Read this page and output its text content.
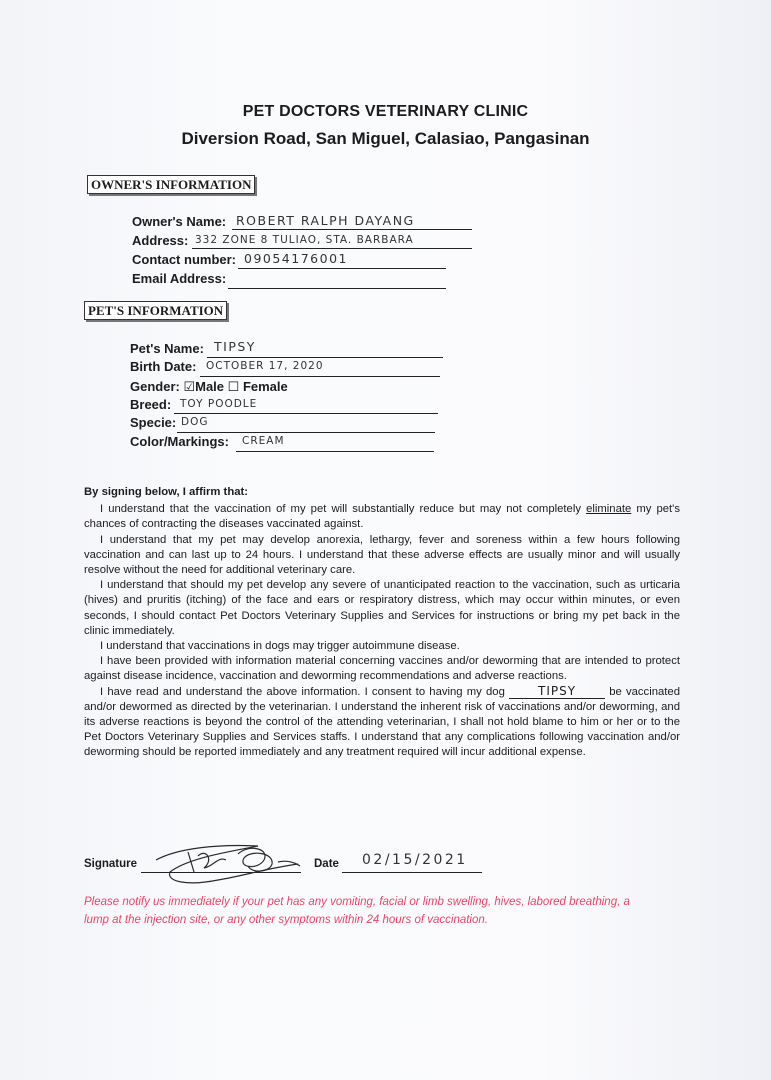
PET DOCTORS VETERINARY CLINIC
Diversion Road, San Miguel, Calasiao, Pangasinan
OWNER'S INFORMATION
Owner's Name: ROBERT RALPH DAYANG
Address: 332 ZONE 8 TULIAO, STA. BARBARA
Contact number: 09054176001
Email Address:
PET'S INFORMATION
Pet's Name: TIPSY
Birth Date: OCTOBER 17, 2020
Gender: ☑Male ☐ Female
Breed: TOY POODLE
Specie: DOG
Color/Markings: CREAM
By signing below, I affirm that:

I understand that the vaccination of my pet will substantially reduce but may not completely eliminate my pet's chances of contracting the diseases vaccinated against.

I understand that my pet may develop anorexia, lethargy, fever and soreness within a few hours following vaccination and can last up to 24 hours. I understand that these adverse effects are usually minor and will usually resolve without the need for additional veterinary care.

I understand that should my pet develop any severe of unanticipated reaction to the vaccination, such as urticaria (hives) and pruritis (itching) of the face and ears or respiratory distress, which may occur within minutes, or even seconds, I should contact Pet Doctors Veterinary Supplies and Services for instructions or bring my pet back in the clinic immediately.

I understand that vaccinations in dogs may trigger autoimmune disease.

I have been provided with information material concerning vaccines and/or deworming that are intended to protect against disease incidence, vaccination and deworming recommendations and adverse reactions.

I have read and understand the above information. I consent to having my dog TIPSY	be vaccinated and/or dewormed as directed by the veterinarian. I understand the inherent risk of vaccinations and/or deworming, and its adverse reactions is beyond the control of the attending veterinarian, I shall not hold blame to him or her or to the Pet Doctors Veterinary Supplies and Services staffs. I understand that any complications following vaccination and/or deworming should be reported immediately and any treatment required will incur additional expense.

Signature	Date 02/15/2021
Please notify us immediately if your pet has any vomiting, facial or limb swelling, hives, labored breathing, a lump at the injection site, or any other symptoms within 24 hours of vaccination.
